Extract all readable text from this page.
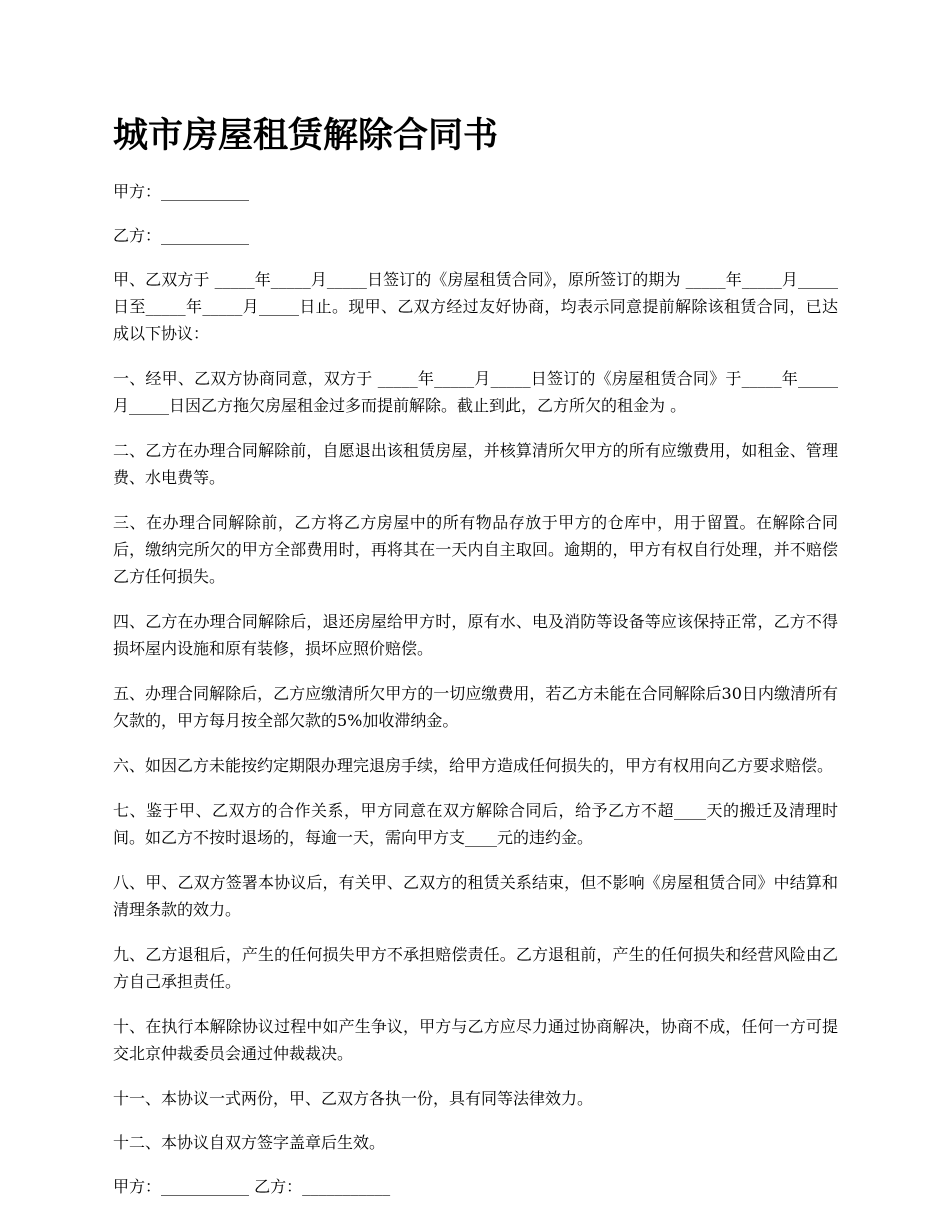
城市房屋租赁解除合同书

甲方：___________

乙方：___________

甲、乙双方于 _____年_____月_____日签订的《房屋租赁合同》，原所签订的期为 _____年_____月_____日至_____年_____月_____日止。现甲、乙双方经过友好协商，均表示同意提前解除该租赁合同，已达成以下协议：

一、经甲、乙双方协商同意，双方于 _____年_____月_____日签订的《房屋租赁合同》于_____年_____月_____日因乙方拖欠房屋租金过多而提前解除。截止到此，乙方所欠的租金为 。

二、乙方在办理合同解除前，自愿退出该租赁房屋，并核算清所欠甲方的所有应缴费用，如租金、管理费、水电费等。

三、在办理合同解除前，乙方将乙方房屋中的所有物品存放于甲方的仓库中，用于留置。在解除合同后，缴纳完所欠的甲方全部费用时，再将其在一天内自主取回。逾期的，甲方有权自行处理，并不赔偿乙方任何损失。

四、乙方在办理合同解除后，退还房屋给甲方时，原有水、电及消防等设备等应该保持正常，乙方不得损坏屋内设施和原有装修，损坏应照价赔偿。

五、办理合同解除后，乙方应缴清所欠甲方的一切应缴费用，若乙方未能在合同解除后30日内缴清所有欠款的，甲方每月按全部欠款的5%加收滞纳金。

六、如因乙方未能按约定期限办理完退房手续，给甲方造成任何损失的，甲方有权用向乙方要求赔偿。

七、鉴于甲、乙双方的合作关系，甲方同意在双方解除合同后，给予乙方不超____天的搬迁及清理时间。如乙方不按时退场的，每逾一天，需向甲方支____元的违约金。

八、甲、乙双方签署本协议后，有关甲、乙双方的租赁关系结束，但不影响《房屋租赁合同》中结算和清理条款的效力。

九、乙方退租后，产生的任何损失甲方不承担赔偿责任。乙方退租前，产生的任何损失和经营风险由乙方自己承担责任。

十、在执行本解除协议过程中如产生争议，甲方与乙方应尽力通过协商解决，协商不成，任何一方可提交北京仲裁委员会通过仲裁裁决。

十一、本协议一式两份，甲、乙双方各执一份，具有同等法律效力。

十二、本协议自双方签字盖章后生效。

甲方：___________ 乙方：___________
